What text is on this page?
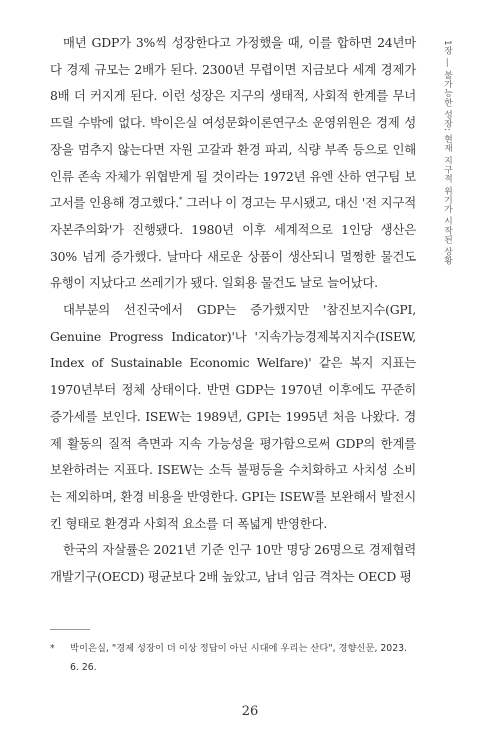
1장 ― 불가능한 성장: 현재 지구적 위기가 시작된 상황

매년 GDP가 3%씩 성장한다고 가정했을 때, 이를 합하면 24년마다 경제 규모는 2배가 된다. 2300년 무렵이면 지금보다 세계 경제가 8배 더 커지게 된다. 이런 성장은 지구의 생태적, 사회적 한계를 무너뜨릴 수밖에 없다. 박이은실 여성문화이론연구소 운영위원은 경제 성장을 멈추지 않는다면 자원 고갈과 환경 파괴, 식량 부족 등으로 인해 인류 존속 자체가 위협받게 될 것이라는 1972년 유엔 산하 연구팀 보고서를 인용해 경고했다.* 그러나 이 경고는 무시됐고, 대신 '전 지구적 자본주의화'가 진행됐다. 1980년 이후 세계적으로 1인당 생산은 30% 넘게 증가했다. 날마다 새로운 상품이 생산되니 멀쩡한 물건도 유행이 지났다고 쓰레기가 됐다. 일회용 물건도 날로 늘어났다.

대부분의 선진국에서 GDP는 증가했지만 '참진보지수(GPI, Genuine Progress Indicator)'나 '지속가능경제복지지수(ISEW, Index of Sustainable Economic Welfare)' 같은 복지 지표는 1970년부터 정체 상태이다. 반면 GDP는 1970년 이후에도 꾸준히 증가세를 보인다. ISEW는 1989년, GPI는 1995년 처음 나왔다. 경제 활동의 질적 측면과 지속 가능성을 평가함으로써 GDP의 한계를 보완하려는 지표다. ISEW는 소득 불평등을 수치화하고 사치성 소비는 제외하며, 환경 비용을 반영한다. GPI는 ISEW를 보완해서 발전시킨 형태로 환경과 사회적 요소를 더 폭넓게 반영한다.

한국의 자살률은 2021년 기준 인구 10만 명당 26명으로 경제협력개발기구(OECD) 평균보다 2배 높았고, 남녀 임금 격차는 OECD 평

* 박이은실, "경제 성장이 더 이상 정답이 아닌 시대에 우리는 산다", 경향신문, 2023. 6. 26.
26
